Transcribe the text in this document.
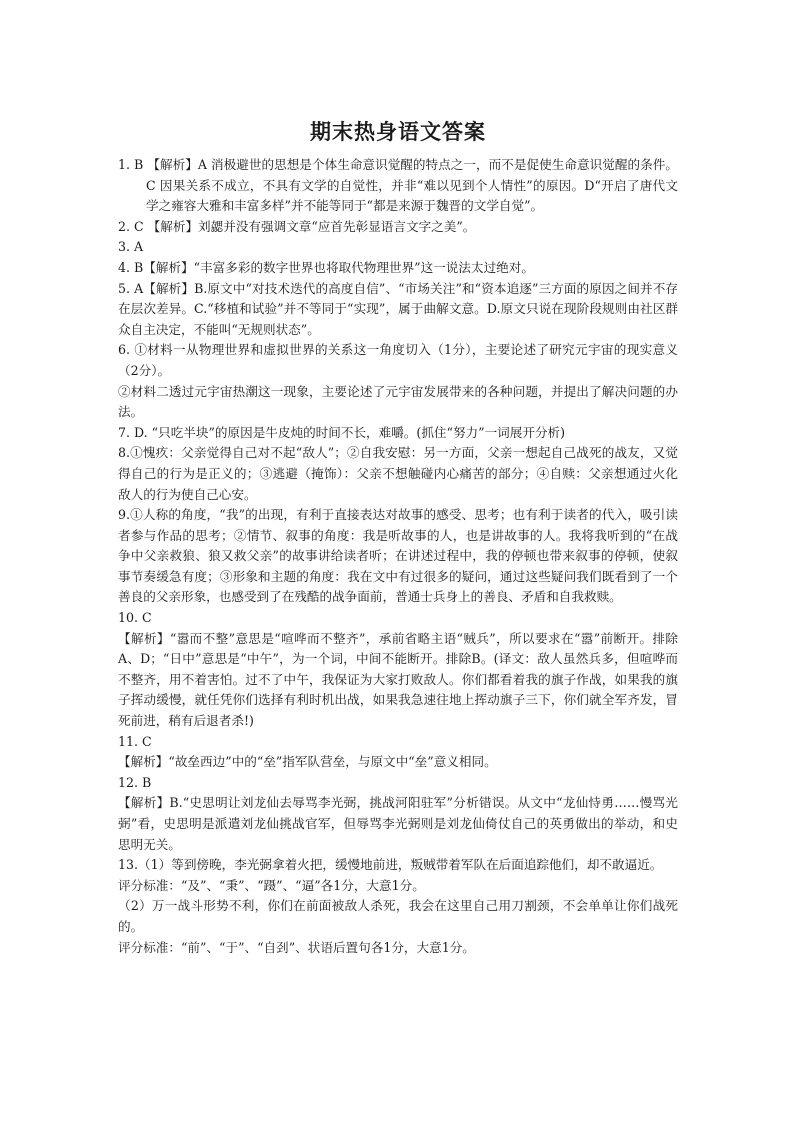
期末热身语文答案

1. B 【解析】A 消极避世的思想是个体生命意识觉醒的特点之一，而不是促使生命意识觉醒的条件。C 因果关系不成立，不具有文学的自觉性，并非“难以见到个人情性”的原因。D“开启了唐代文学之雍容大雅和丰富多样”并不能等同于“都是来源于魏晋的文学自觉”。

2. C 【解析】刘勰并没有强调文章“应首先彰显语言文字之美”。

3. A

4. B【解析】“丰富多彩的数字世界也将取代物理世界”这一说法太过绝对。

5. A【解析】B.原文中“对技术迭代的高度自信”、“市场关注”和“资本追逐”三方面的原因之间并不存在层次差异。C.“移植和试验”并不等同于“实现”，属于曲解文意。D.原文只说在现阶段规则由社区群众自主决定，不能叫“无规则状态”。

6. ①材料一从物理世界和虚拟世界的关系这一角度切入（1分），主要论述了研究元宇宙的现实意义（2分）。

②材料二透过元宇宙热潮这一现象，主要论述了元宇宙发展带来的各种问题，并提出了解决问题的办法。

7. D. “只吃半块”的原因是牛皮炖的时间不长，难嚼。(抓住“努力”一词展开分析)

8.①愧疚：父亲觉得自己对不起“敌人”；②自我安慰：另一方面，父亲一想起自己战死的战友，又觉得自己的行为是正义的；③逃避（掩饰）：父亲不想触碰内心痛苦的部分；④自赎：父亲想通过火化敌人的行为使自己心安。

9.①人称的角度，“我”的出现，有利于直接表达对故事的感受、思考；也有利于读者的代入，吸引读者参与作品的思考；②情节、叙事的角度：我是听故事的人，也是讲故事的人。我将我听到的“在战争中父亲救狼、狼又救父亲”的故事讲给读者听；在讲述过程中，我的停顿也带来叙事的停顿，使叙事节奏缓急有度；③形象和主题的角度：我在文中有过很多的疑问，通过这些疑问我们既看到了一个善良的父亲形象，也感受到了在残酷的战争面前，普通士兵身上的善良、矛盾和自我救赎。

10. C

【解析】“嚣而不整”意思是“喧哗而不整齐”，承前省略主语“贼兵”，所以要求在“嚣”前断开。排除A、D；“日中”意思是“中午”，为一个词，中间不能断开。排除B。(译文：敌人虽然兵多，但喧哗而不整齐，用不着害怕。过不了中午，我保证为大家打败敌人。你们都看着我的旗子作战，如果我的旗子挥动缓慢，就任凭你们选择有利时机出战，如果我急速往地上挥动旗子三下，你们就全军齐发，冒死前进，稍有后退者杀!)

11. C

【解析】“故垒西边”中的“垒”指军队营垒，与原文中“垒”意义相同。

12. B

【解析】B.“史思明让刘龙仙去辱骂李光弼，挑战河阳驻军”分析错误。从文中“龙仙恃勇……慢骂光弼”看，史思明是派遣刘龙仙挑战官军，但辱骂李光弼则是刘龙仙倚仗自己的英勇做出的举动，和史思明无关。

13.（1）等到傍晚，李光弼拿着火把，缓慢地前进，叛贼带着军队在后面追踪他们，却不敢逼近。

评分标准：“及”、“秉”、“蹑”、“逼”各1分，大意1分。

（2）万一战斗形势不利，你们在前面被敌人杀死，我会在这里自己用刀割颈，不会单单让你们战死的。

评分标准：“前”、“于”、“自刭”、状语后置句各1分，大意1分。
